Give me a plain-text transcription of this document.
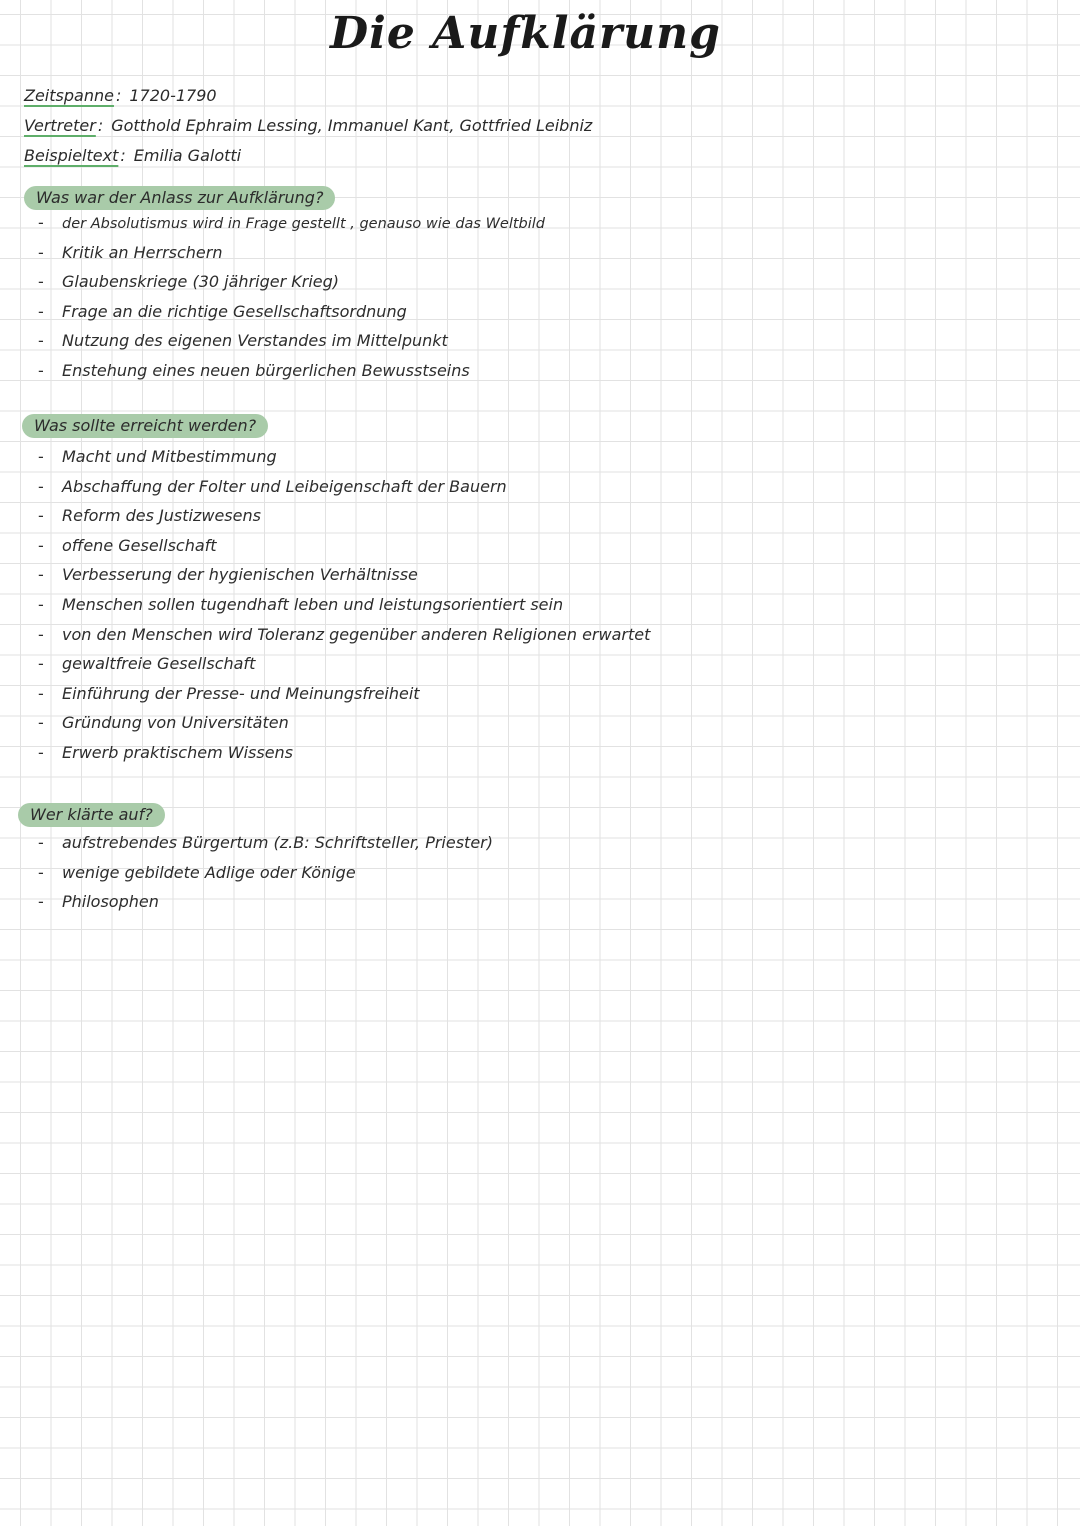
Die Aufklärung
Zeitspanne : 1720-1790
Vertreter : Gotthold Ephraim Lessing, Immanuel Kant, Gottfried Leibniz
Beispieltext : Emilia Galotti
Was war der Anlass zur Aufklärung?
- der Absolutismus wird in Frage gestellt , genauso wie das Weltbild
- Kritik an Herrschern
- Glaubenskriege (30 jähriger Krieg)
- Frage an die richtige Gesellschaftsordnung
- Nutzung des eigenen Verstandes im Mittelpunkt
- Enstehung eines neuen bürgerlichen Bewusstseins
Was sollte erreicht werden?
- Macht und Mitbestimmung
- Abschaffung der Folter und Leibeigenschaft der Bauern
- Reform des Justizwesens
- offene Gesellschaft
- Verbesserung der hygienischen Verhältnisse
- Menschen sollen tugendhaft leben und leistungsorientiert sein
- von den Menschen wird Toleranz gegenüber anderen Religionen erwartet
- gewaltfreie Gesellschaft
- Einführung der Presse- und Meinungsfreiheit
- Gründung von Universitäten
- Erwerb praktischem Wissens
Wer klärte auf?
- aufstrebendes Bürgertum (z.B: Schriftsteller, Priester)
- wenige gebildete Adlige oder Könige
- Philosophen
